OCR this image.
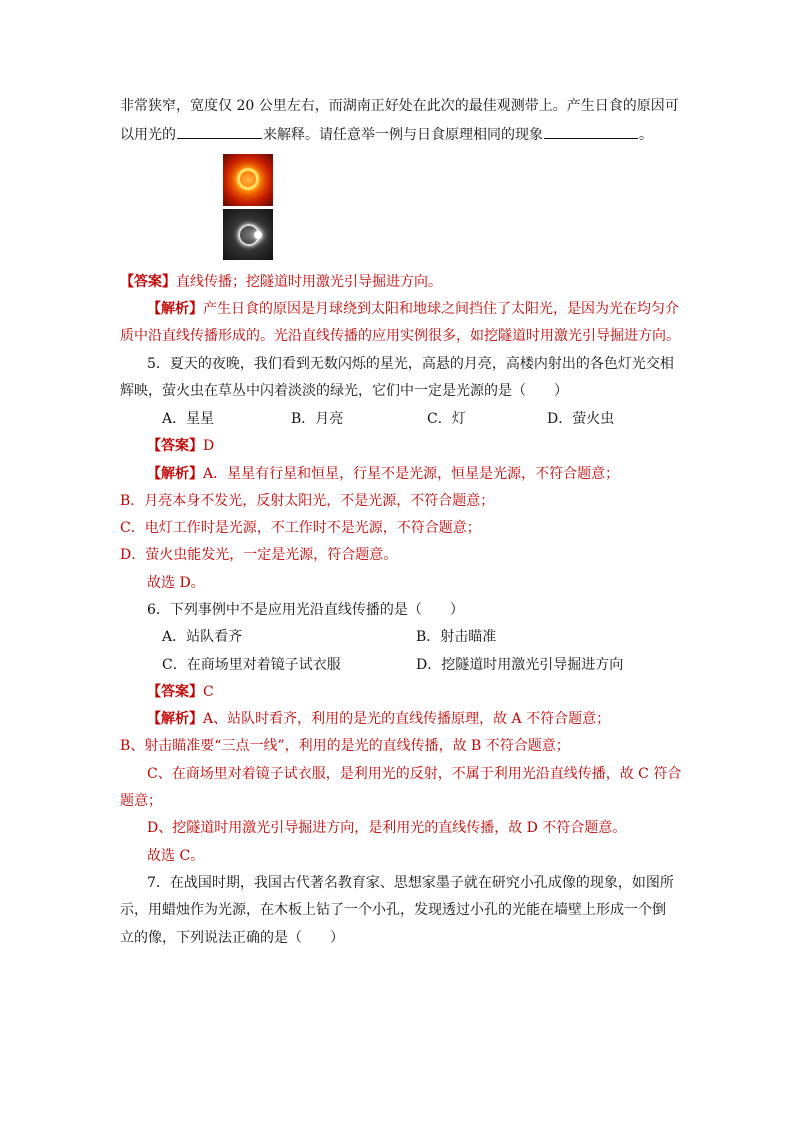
非常狭窄，宽度仅 20 公里左右，而湖南正好处在此次的最佳观测带上。产生日食的原因可
以用光的	来解释。请任意举一例与日食原理相同的现象	。
【答案】直线传播；挖隧道时用激光引导掘进方向。
【解析】产生日食的原因是月球绕到太阳和地球之间挡住了太阳光，是因为光在均匀介
质中沿直线传播形成的。光沿直线传播的应用实例很多，如挖隧道时用激光引导掘进方向。
5．夏天的夜晚，我们看到无数闪烁的星光，高悬的月亮，高楼内射出的各色灯光交相
辉映，萤火虫在草丛中闪着淡淡的绿光，它们中一定是光源的是（　　）
A．星星	B．月亮	C．灯	D．萤火虫
【答案】D
【解析】A．星星有行星和恒星，行星不是光源，恒星是光源，不符合题意；
B．月亮本身不发光，反射太阳光，不是光源，不符合题意；
C．电灯工作时是光源，不工作时不是光源，不符合题意；
D．萤火虫能发光，一定是光源，符合题意。
故选 D。
6．下列事例中不是应用光沿直线传播的是（　　）
A．站队看齐	B．射击瞄准
C．在商场里对着镜子试衣服	D．挖隧道时用激光引导掘进方向
【答案】C
【解析】A、站队时看齐，利用的是光的直线传播原理，故 A 不符合题意；
B、射击瞄准要“三点一线”，利用的是光的直线传播，故 B 不符合题意；
C、在商场里对着镜子试衣服，是利用光的反射，不属于利用光沿直线传播，故 C 符合
题意；
D、挖隧道时用激光引导掘进方向，是利用光的直线传播，故 D 不符合题意。
故选 C。
7．在战国时期，我国古代著名教育家、思想家墨子就在研究小孔成像的现象，如图所
示，用蜡烛作为光源，在木板上钻了一个小孔，发现透过小孔的光能在墙壁上形成一个倒
立的像，下列说法正确的是（　　）
